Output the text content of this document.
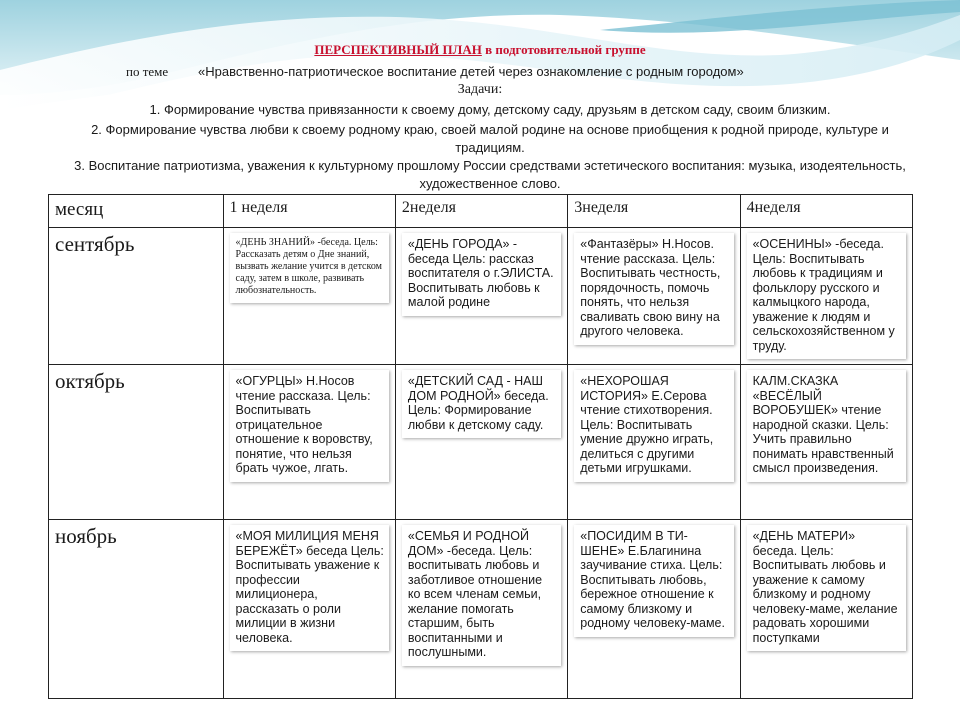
ПЕРСПЕКТИВНЫЙ ПЛАН в подготовительной группе
по теме «Нравственно-патриотическое воспитание детей через ознакомление с родным городом»
Задачи:
1. Формирование чувства привязанности к своему дому, детскому саду, друзьям в детском саду, своим близким.
2. Формирование чувства любви к своему родному краю, своей малой родине на основе приобщения к родной природе, культуре и традициям.
3. Воспитание патриотизма, уважения к культурному прошлому России средствами эстетического воспитания: музыка, изодеятельность, художественное слово.
месяц	1 неделя	2неделя	3неделя	4неделя
сентябрь	«ДЕНЬ ЗНАНИЙ» -беседа. Цель: Рассказать детям о Дне знаний, вызвать желание учится в детском саду, затем в школе, развивать любознательность.	«ДЕНЬ ГОРОДА» - беседа Цель: рассказ воспитателя о г.ЭЛИСТА. Воспитывать любовь к малой родине	«Фантазёры» Н.Носов. чтение рассказа. Цель: Воспитывать честность, порядочность, помочь понять, что нельзя сваливать свою вину на другого человека.	«ОСЕНИНЫ» -беседа. Цель: Воспитывать любовь к традициям и фольклору русского и калмыцкого народа, уважение к людям и сельскохозяйственном у труду.

октябрь	«ОГУРЦЫ» Н.Носов чтение рассказа. Цель: Воспитывать отрицательное отношение к воровству, понятие, что нельзя брать чужое, лгать.	«ДЕТСКИЙ САД - НАШ ДОМ РОДНОЙ» беседа. Цель: Формирование любви к детскому саду.	«НЕХОРОШАЯ ИСТОРИЯ» Е.Серова чтение стихотворения. Цель: Воспитывать умение дружно играть, делиться с другими детьми игрушками.	КАЛМ.СКАЗКА «ВЕСЁЛЫЙ ВОРОБУШЕК» чтение народной сказки. Цель: Учить правильно понимать нравственный смысл произведения.

ноябрь	«МОЯ МИЛИЦИЯ МЕНЯ БЕРЕЖЁТ» беседа Цель: Воспитывать уважение к профессии милиционера, рассказать о роли милиции в жизни человека.	«СЕМЬЯ И РОДНОЙ ДОМ» -беседа. Цель: воспитывать любовь и заботливое отношение ко всем членам семьи, желание помогать старшим, быть воспитанными и послушными.	«ПОСИДИМ В ТИ-ШЕНЕ» Е.Благинина заучивание стиха. Цель: Воспитывать любовь, бережное отношение к самому близкому и родному человеку-маме.	«ДЕНЬ МАТЕРИ» беседа. Цель: Воспитывать любовь и уважение к самому близкому и родному человеку-маме, желание радовать хорошими поступками
